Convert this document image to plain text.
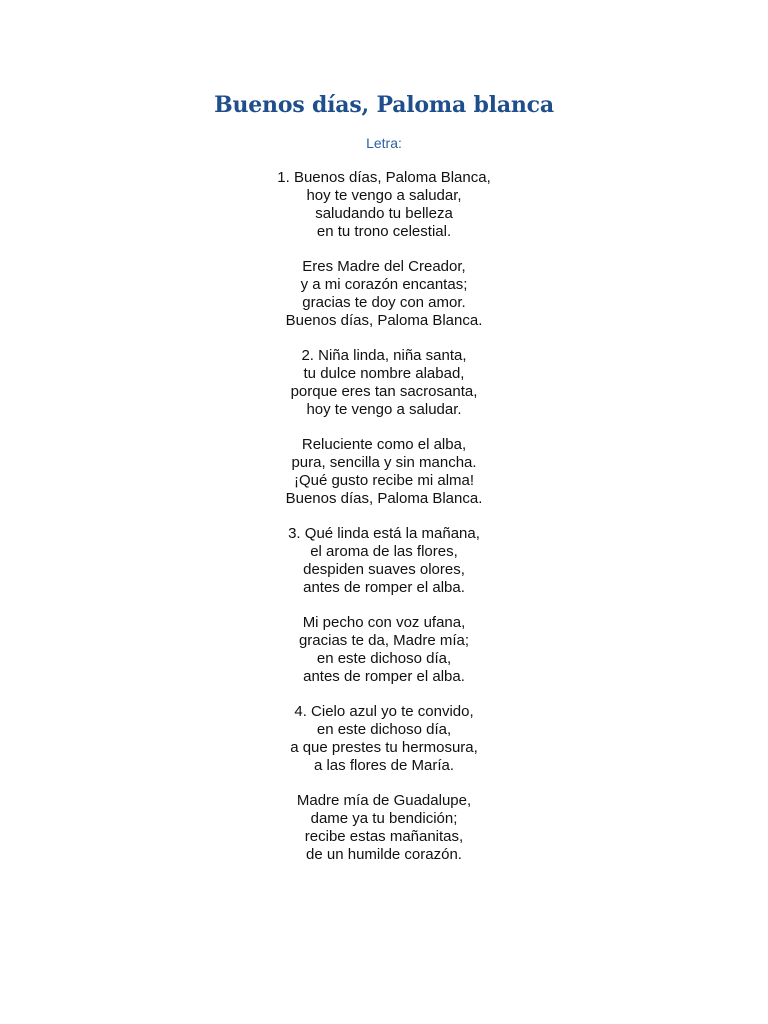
Buenos días, Paloma blanca
Letra:
1. Buenos días, Paloma Blanca,
hoy te vengo a saludar,
saludando tu belleza
en tu trono celestial.
Eres Madre del Creador,
y a mi corazón encantas;
gracias te doy con amor.
Buenos días, Paloma Blanca.
2. Niña linda, niña santa,
tu dulce nombre alabad,
porque eres tan sacrosanta,
hoy te vengo a saludar.
Reluciente como el alba,
pura, sencilla y sin mancha.
¡Qué gusto recibe mi alma!
Buenos días, Paloma Blanca.
3. Qué linda está la mañana,
el aroma de las flores,
despiden suaves olores,
antes de romper el alba.
Mi pecho con voz ufana,
gracias te da, Madre mía;
en este dichoso día,
antes de romper el alba.
4. Cielo azul yo te convido,
en este dichoso día,
a que prestes tu hermosura,
a las flores de María.
Madre mía de Guadalupe,
dame ya tu bendición;
recibe estas mañanitas,
de un humilde corazón.
